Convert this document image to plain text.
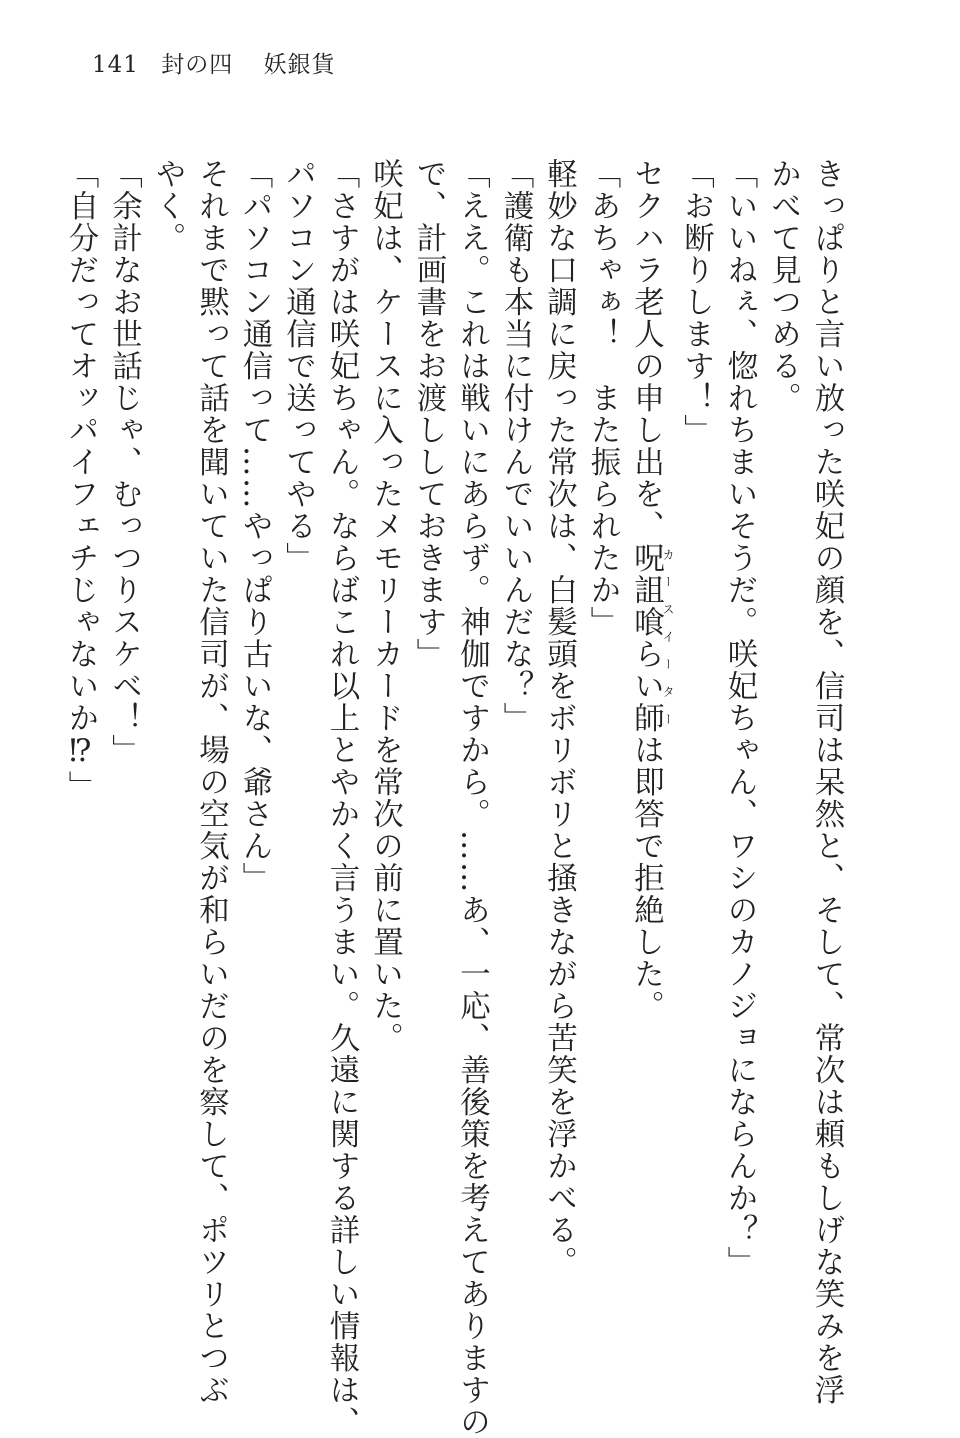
141 封の四 妖銀貨
きっぱりと言い放った咲妃の顔を、信司は呆然と、そして、常次は頼もしげな笑みを浮
かべて見つめる。
「いいねぇ、惚れちまいそうだ。咲妃ちゃん、ワシのカノジョにならんか？」
「お断りします！」
セクハラ老人の申し出を、呪詛喰らい師カースイーターは即答で拒絶した。
「あちゃぁ！　また振られたか」
軽妙な口調に戻った常次は、白髪頭をボリボリと掻きながら苦笑を浮かべる。
「護衛も本当に付けんでいいんだな？」
「ええ。これは戦いにあらず。神伽ですから。……あ、一応、善後策を考えてありますの
で、計画書をお渡ししておきます」
咲妃は、ケースに入ったメモリーカードを常次の前に置いた。
「さすがは咲妃ちゃん。ならばこれ以上とやかく言うまい。久遠に関する詳しい情報は、
パソコン通信で送ってやる」
「パソコン通信って……やっぱり古いな、爺さん」
それまで黙って話を聞いていた信司が、場の空気が和らいだのを察して、ポツリとつぶ
やく。
「余計なお世話じゃ、むっつりスケベ！」
「自分だってオッパイフェチじゃないか⁉」
